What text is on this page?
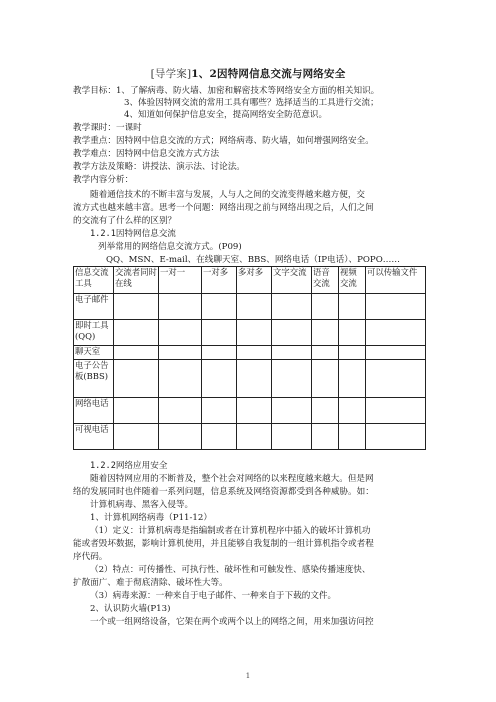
[导学案]1、2因特网信息交流与网络安全
教学目标：1、了解病毒、防火墙、加密和解密技术等网络安全方面的相关知识。
3、体验因特网交流的常用工具有哪些？选择适当的工具进行交流；
4、知道如何保护信息安全，提高网络安全防范意识。
教学课时：一课时
教学重点：因特网中信息交流的方式；网络病毒、防火墙，如何增强网络安全。
教学难点：因特网中信息交流方式方法
教学方法及策略：讲授法、演示法、讨论法。
教学内容分析：
随着通信技术的不断丰富与发展，人与人之间的交流变得越来越方便，交
流方式也越来越丰富。思考一个问题：网络出现之前与网络出现之后，人们之间
的交流有了什么样的区别？
1.2.1因特网信息交流
列举常用的网络信息交流方式。(P09)
QQ、MSN、E-mail、在线聊天室、BBS、网络电话（IP电话）、POPO……
信息交流工具	交流者同时在线	一对一	一对多	多对多	文字交流	语音交流	视频交流	可以传输文件
电子邮件								
即时工具(QQ)								
聊天室								
电子公告板(BBS)								
网络电话								
可视电话								
1.2.2网络应用安全
随着因特网应用的不断普及，整个社会对网络的以来程度越来越大。但是网
络的发展同时也伴随着一系列问题，信息系统及网络资源都受到各种威胁。如：
计算机病毒、黑客入侵等。
1、计算机网络病毒（P11-12）
（1）定义：计算机病毒是指编制或者在计算机程序中插入的破坏计算机功
能或者毁坏数据，影响计算机使用，并且能够自我复制的一组计算机指令或者程
序代码。
（2）特点：可传播性、可执行性、破坏性和可触发性、感染传播速度快、
扩散面广、难于彻底清除、破坏性大等。
（3）病毒来源：一种来自于电子邮件、一种来自于下载的文件。
2、认识防火墙(P13)
一个或一组网络设备，它架在两个或两个以上的网络之间，用来加强访问控
1
